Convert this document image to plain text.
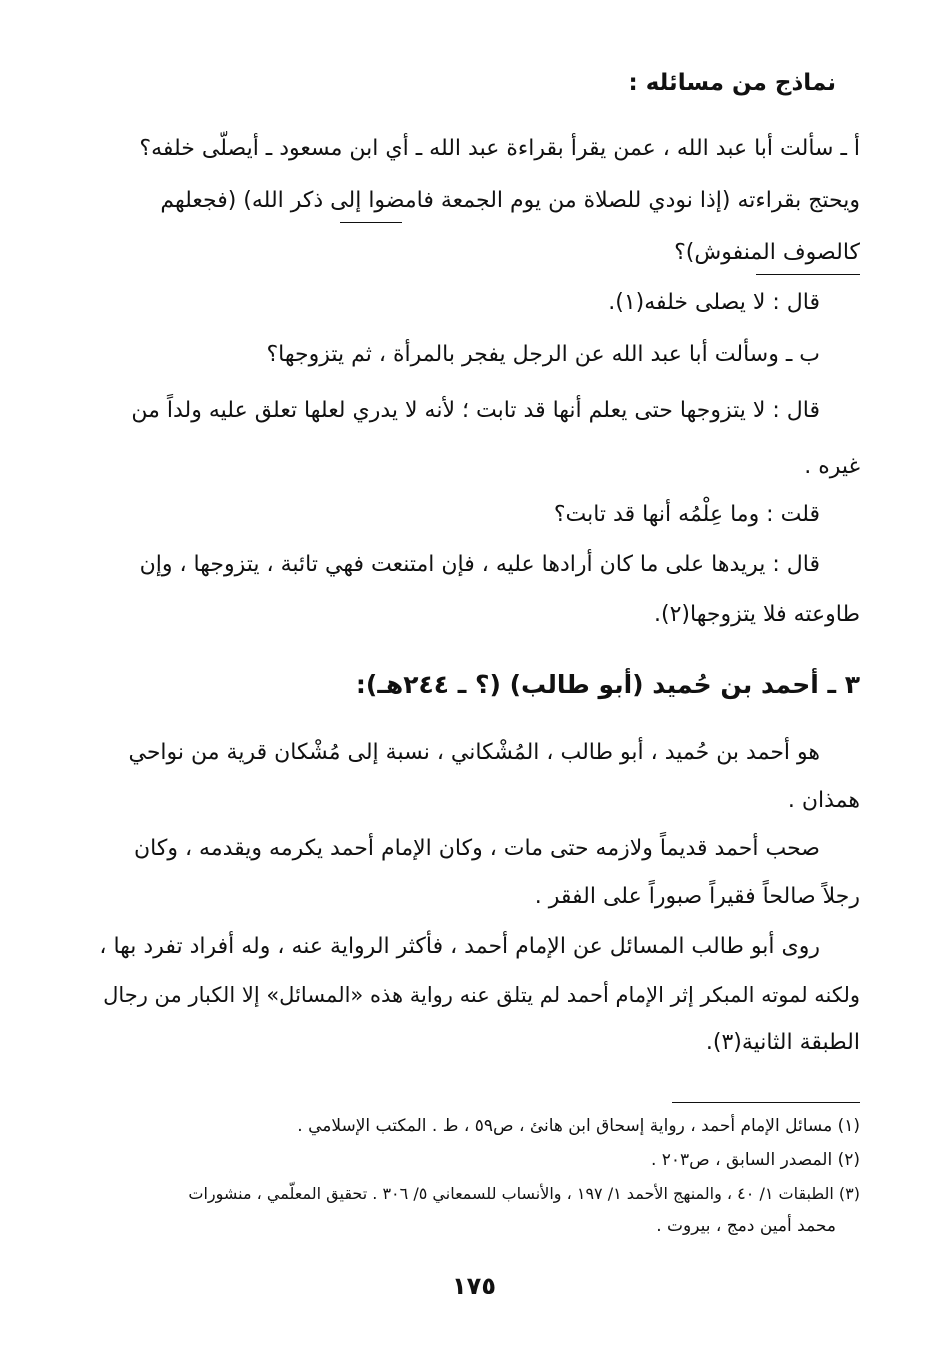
نماذج من مسائله :
أ ـ سألت أبا عبد الله ، عمن يقرأ بقراءة عبد الله ـ أي ابن مسعود ـ أيصلّى خلفه؟
ويحتج بقراءته (إذا نودي للصلاة من يوم الجمعة فامضوا إلى ذكر الله) (فجعلهم
كالصوف المنفوش)؟
قال : لا يصلى خلفه(١).
ب ـ وسألت أبا عبد الله عن الرجل يفجر بالمرأة ، ثم يتزوجها؟
قال : لا يتزوجها حتى يعلم أنها قد تابت ؛ لأنه لا يدري لعلها تعلق عليه ولداً من
غيره .
قلت : وما عِلْمُه أنها قد تابت؟
قال : يريدها على ما كان أرادها عليه ، فإن امتنعت فهي تائبة ، يتزوجها ، وإن
طاوعته فلا يتزوجها(٢).
٣ ـ أحمد بن حُميد (أبو طالب) (؟ ـ ٢٤٤هـ):
هو أحمد بن حُميد ، أبو طالب ، المُشْكاني ، نسبة إلى مُشْكان قرية من نواحي
همذان .
صحب أحمد قديماً ولازمه حتى مات ، وكان الإمام أحمد يكرمه ويقدمه ، وكان
رجلاً صالحاً فقيراً صبوراً على الفقر .
روى أبو طالب المسائل عن الإمام أحمد ، فأكثر الرواية عنه ، وله أفراد تفرد بها ،
ولكنه لموته المبكر إثر الإمام أحمد لم يتلق عنه رواية هذه «المسائل» إلا الكبار من رجال
الطبقة الثانية(٣).
(١) مسائل الإمام أحمد ، رواية إسحاق ابن هانئ ، ص٥٩ ، ط . المكتب الإسلامي .
(٢) المصدر السابق ، ص٢٠٣ .
(٣) الطبقات ١/ ٤٠ ، والمنهج الأحمد ١/ ١٩٧ ، والأنساب للسمعاني ٥/ ٣٠٦ . تحقيق المعلّمي ، منشورات
محمد أمين دمج ، بيروت .
١٧٥
